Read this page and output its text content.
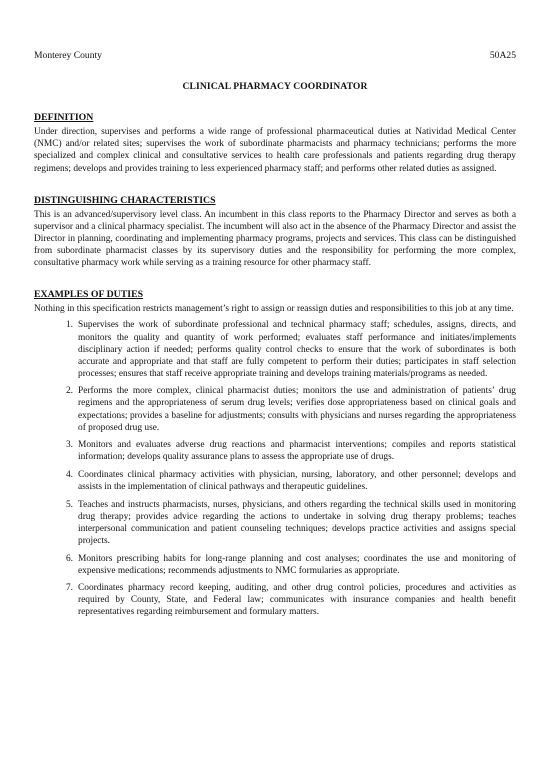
Monterey County	50A25
CLINICAL PHARMACY COORDINATOR
DEFINITION
Under direction, supervises and performs a wide range of professional pharmaceutical duties at Natividad Medical Center (NMC) and/or related sites; supervises the work of subordinate pharmacists and pharmacy technicians; performs the more specialized and complex clinical and consultative services to health care professionals and patients regarding drug therapy regimens; develops and provides training to less experienced pharmacy staff; and performs other related duties as assigned.
DISTINGUISHING CHARACTERISTICS
This is an advanced/supervisory level class. An incumbent in this class reports to the Pharmacy Director and serves as both a supervisor and a clinical pharmacy specialist. The incumbent will also act in the absence of the Pharmacy Director and assist the Director in planning, coordinating and implementing pharmacy programs, projects and services. This class can be distinguished from subordinate pharmacist classes by its supervisory duties and the responsibility for performing the more complex, consultative pharmacy work while serving as a training resource for other pharmacy staff.
EXAMPLES OF DUTIES
Nothing in this specification restricts management’s right to assign or reassign duties and responsibilities to this job at any time.
1. Supervises the work of subordinate professional and technical pharmacy staff; schedules, assigns, directs, and monitors the quality and quantity of work performed; evaluates staff performance and initiates/implements disciplinary action if needed; performs quality control checks to ensure that the work of subordinates is both accurate and appropriate and that staff are fully competent to perform their duties; participates in staff selection processes; ensures that staff receive appropriate training and develops training materials/programs as needed.
2. Performs the more complex, clinical pharmacist duties; monitors the use and administration of patients’ drug regimens and the appropriateness of serum drug levels; verifies dose appropriateness based on clinical goals and expectations; provides a baseline for adjustments; consults with physicians and nurses regarding the appropriateness of proposed drug use.
3. Monitors and evaluates adverse drug reactions and pharmacist interventions; compiles and reports statistical information; develops quality assurance plans to assess the appropriate use of drugs.
4. Coordinates clinical pharmacy activities with physician, nursing, laboratory, and other personnel; develops and assists in the implementation of clinical pathways and therapeutic guidelines.
5. Teaches and instructs pharmacists, nurses, physicians, and others regarding the technical skills used in monitoring drug therapy; provides advice regarding the actions to undertake in solving drug therapy problems; teaches interpersonal communication and patient counseling techniques; develops practice activities and assigns special projects.
6. Monitors prescribing habits for long-range planning and cost analyses; coordinates the use and monitoring of expensive medications; recommends adjustments to NMC formularies as appropriate.
7. Coordinates pharmacy record keeping, auditing, and other drug control policies, procedures and activities as required by County, State, and Federal law; communicates with insurance companies and health benefit representatives regarding reimbursement and formulary matters.
